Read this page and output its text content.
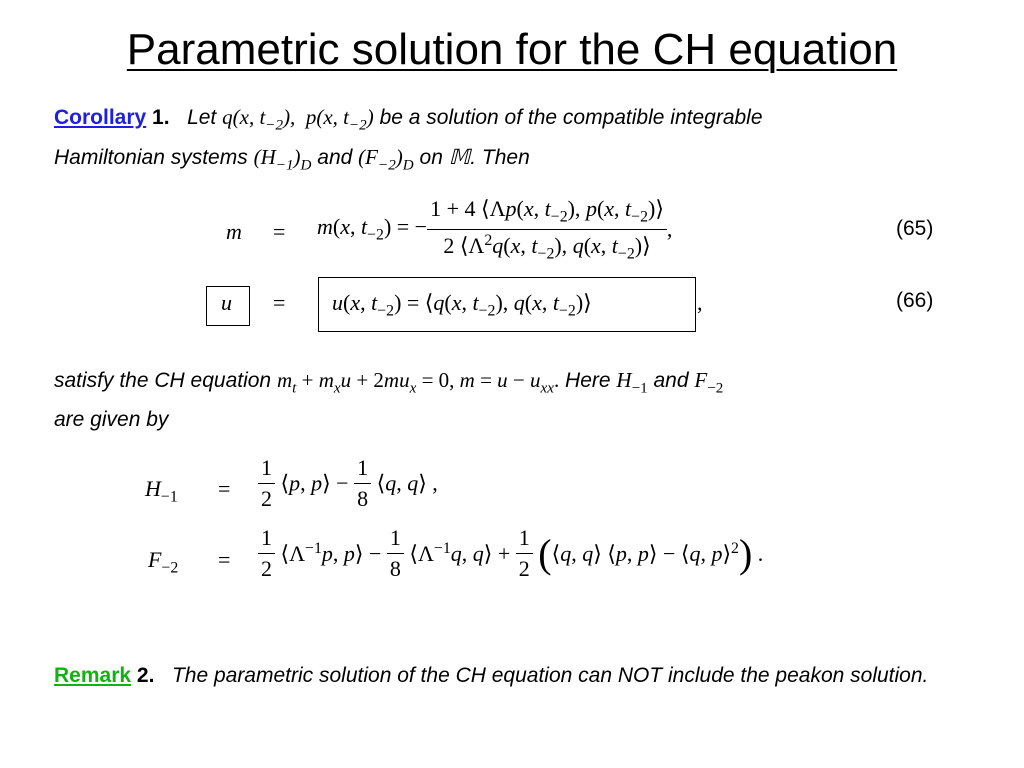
Parametric solution for the CH equation
Corollary 1. Let q(x, $t_{-2}$),  p(x, $t_{-2}$) be a solution of the compatible integrable
Hamiltonian systems $(H_{-1})_D$ and $(F_{-2})_D$ on 𝕄. Then
m = m(x, $t_{-2}$) = − $\frac{1 + 4 ⟨\Lambda p(x, t_{-2}), p(x, t_{-2})⟩}{2 ⟨\Lambda^2q(x, t_{-2}), q(x, t_{-2})⟩}$ ,	(65)
u = u(x, $t_{-2}$) = ⟨q(x, $t_{-2}$), q(x, $t_{-2})⟩$	,	(66)
satisfy the CH equation $m_t + m_xu + 2mu_x = 0$, $m = u - u_{xx}$. Here $H_{-1}$ and $F_{-2}$
are given by
$H_{-1} = \frac{1}{2}$ ⟨p, p⟩ − $\frac{1}{8}$ ⟨q, q⟩ ,
$F_{-2} = \frac{1}{2}$ $⟨\Lambda^{-1}p$, p⟩ − $\frac{1}{8}$ $⟨\Lambda^{-1}q$, q⟩ + $\frac{1}{2}$ (⟨q, q⟩ ⟨p, p⟩ − ⟨q, p⟩$^2$) .
Remark 2. The parametric solution of the CH equation can NOT include the peakon solution.
